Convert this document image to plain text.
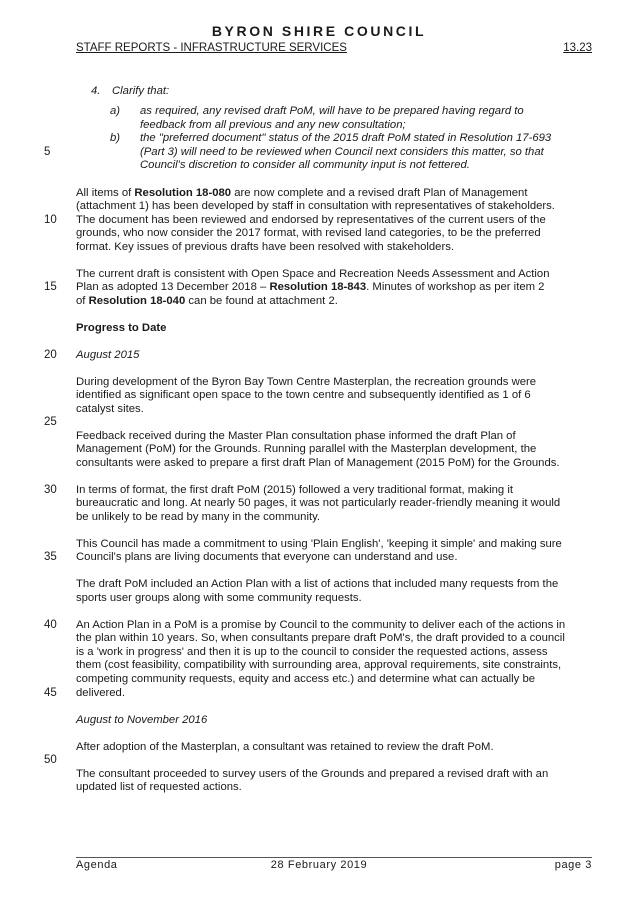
BYRON SHIRE COUNCIL
STAFF REPORTS - INFRASTRUCTURE SERVICES	13.23
5
10
15
20
25
30
35
40
45
50
4. Clarify that:
a) as required, any revised draft PoM, will have to be prepared having regard to
feedback from all previous and any new consultation;
b) the "preferred document" status of the 2015 draft PoM stated in Resolution 17-693
(Part 3) will need to be reviewed when Council next considers this matter, so that
Council's discretion to consider all community input is not fettered.
All items of Resolution 18-080 are now complete and a revised draft Plan of Management
(attachment 1) has been developed by staff in consultation with representatives of stakeholders.
The document has been reviewed and endorsed by representatives of the current users of the
grounds, who now consider the 2017 format, with revised land categories, to be the preferred
format. Key issues of previous drafts have been resolved with stakeholders.
The current draft is consistent with Open Space and Recreation Needs Assessment and Action
Plan as adopted 13 December 2018 – Resolution 18-843. Minutes of workshop as per item 2
of Resolution 18-040 can be found at attachment 2.
Progress to Date
August 2015
During development of the Byron Bay Town Centre Masterplan, the recreation grounds were
identified as significant open space to the town centre and subsequently identified as 1 of 6
catalyst sites.
Feedback received during the Master Plan consultation phase informed the draft Plan of
Management (PoM) for the Grounds. Running parallel with the Masterplan development, the
consultants were asked to prepare a first draft Plan of Management (2015 PoM) for the Grounds.
In terms of format, the first draft PoM (2015) followed a very traditional format, making it
bureaucratic and long. At nearly 50 pages, it was not particularly reader-friendly meaning it would
be unlikely to be read by many in the community.
This Council has made a commitment to using 'Plain English', 'keeping it simple' and making sure
Council's plans are living documents that everyone can understand and use.
The draft PoM included an Action Plan with a list of actions that included many requests from the
sports user groups along with some community requests.
An Action Plan in a PoM is a promise by Council to the community to deliver each of the actions in
the plan within 10 years. So, when consultants prepare draft PoM's, the draft provided to a council
is a 'work in progress' and then it is up to the council to consider the requested actions, assess
them (cost feasibility, compatibility with surrounding area, approval requirements, site constraints,
competing community requests, equity and access etc.) and determine what can actually be
delivered.
August to November 2016
After adoption of the Masterplan, a consultant was retained to review the draft PoM.
The consultant proceeded to survey users of the Grounds and prepared a revised draft with an
updated list of requested actions.
Agenda	28 February 2019	page 3
